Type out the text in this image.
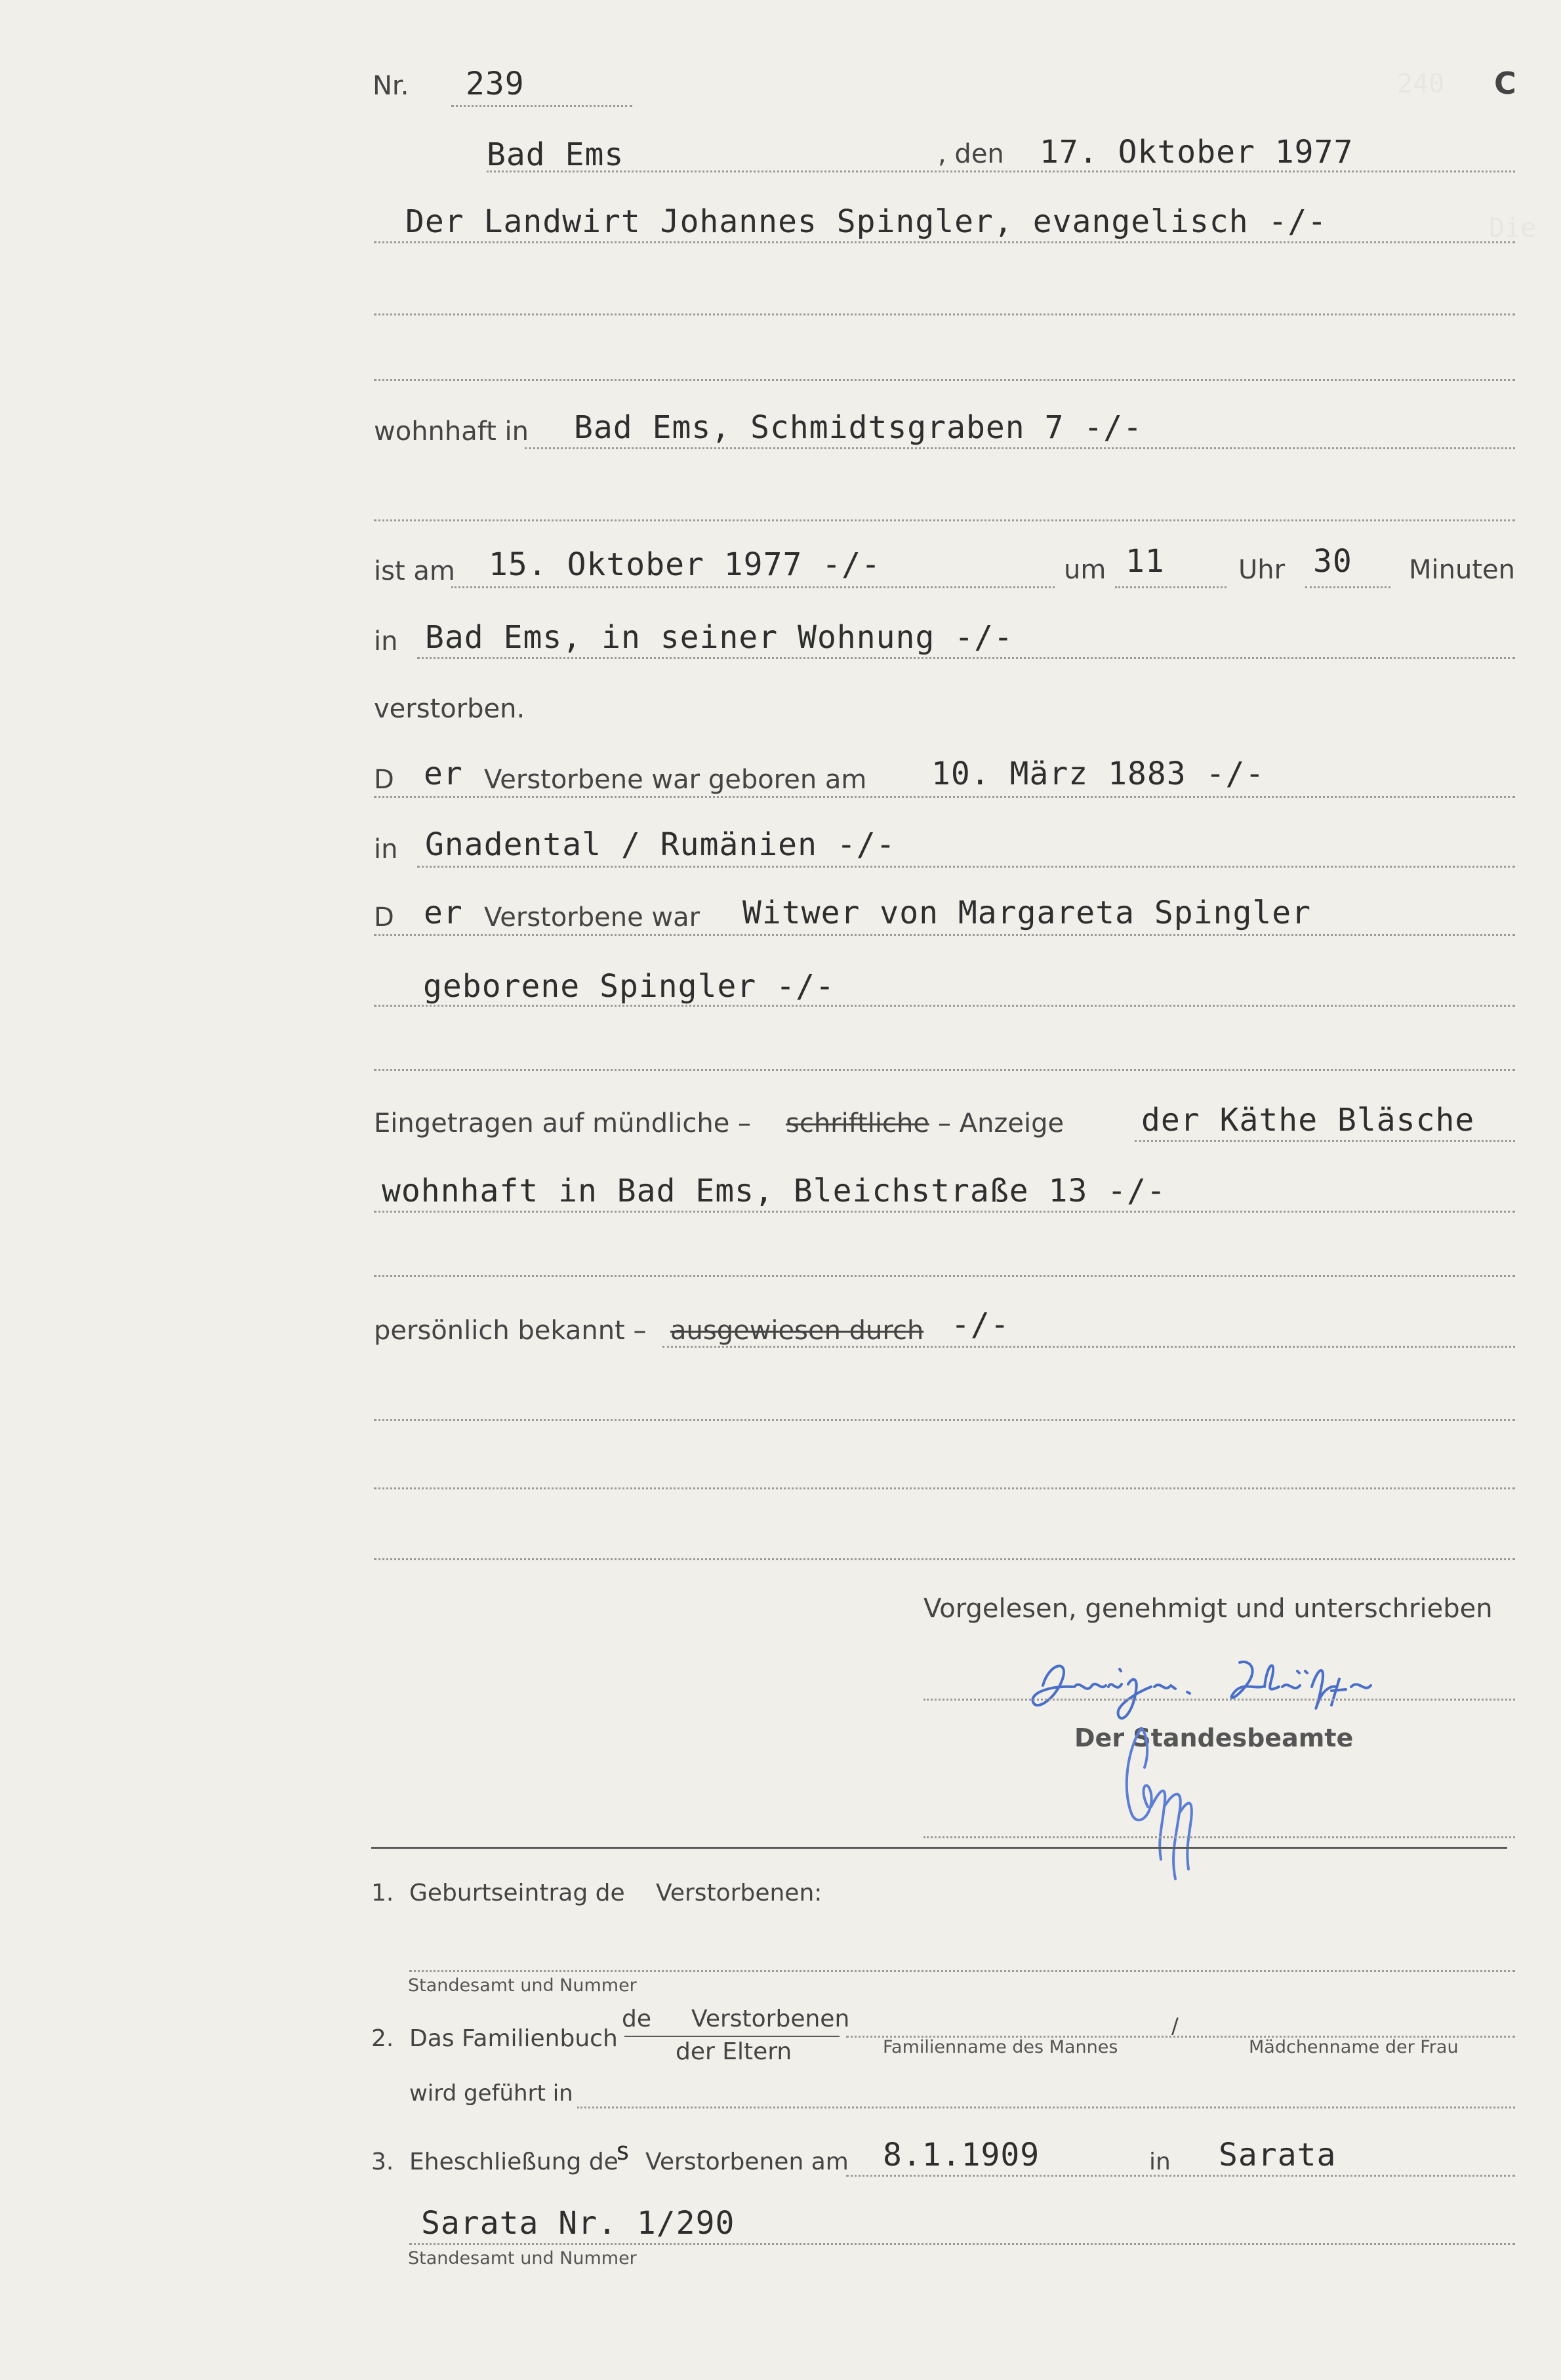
240
Die
Nr. 239	C
Bad Ems	, den 17. Oktober 1977
Der Landwirt Johannes Spingler, evangelisch -/-
wohnhaft in Bad Ems, Schmidtsgraben 7 -/-
ist am 15. Oktober 1977 -/-	um 11	Uhr 30 Minuten
in Bad Ems, in seiner Wohnung -/-
verstorben.
D er Verstorbene war geboren am 10. März 1883 -/-
in Gnadental / Rumänien -/-
D er Verstorbene war Witwer von Margareta Spingler
geborene Spingler -/-
Eingetragen auf mündliche – schriftliche – Anzeige der Käthe Bläsche
wohnhaft in Bad Ems, Bleichstraße 13 -/-
persönlich bekannt – ausgewiesen durch -/-
Vorgelesen, genehmigt und unterschrieben
Der Standesbeamte
1. Geburtseintrag de Verstorbenen:
Standesamt und Nummer
2. Das Familienbuch
de Verstorbenen
der Eltern	Familienname des Mannes
/
Mädchenname der Frau
wird geführt in
3. Eheschließung de
s Verstorbenen am 8.1.1909	in Sarata
Sarata Nr. 1/290
Standesamt und Nummer
